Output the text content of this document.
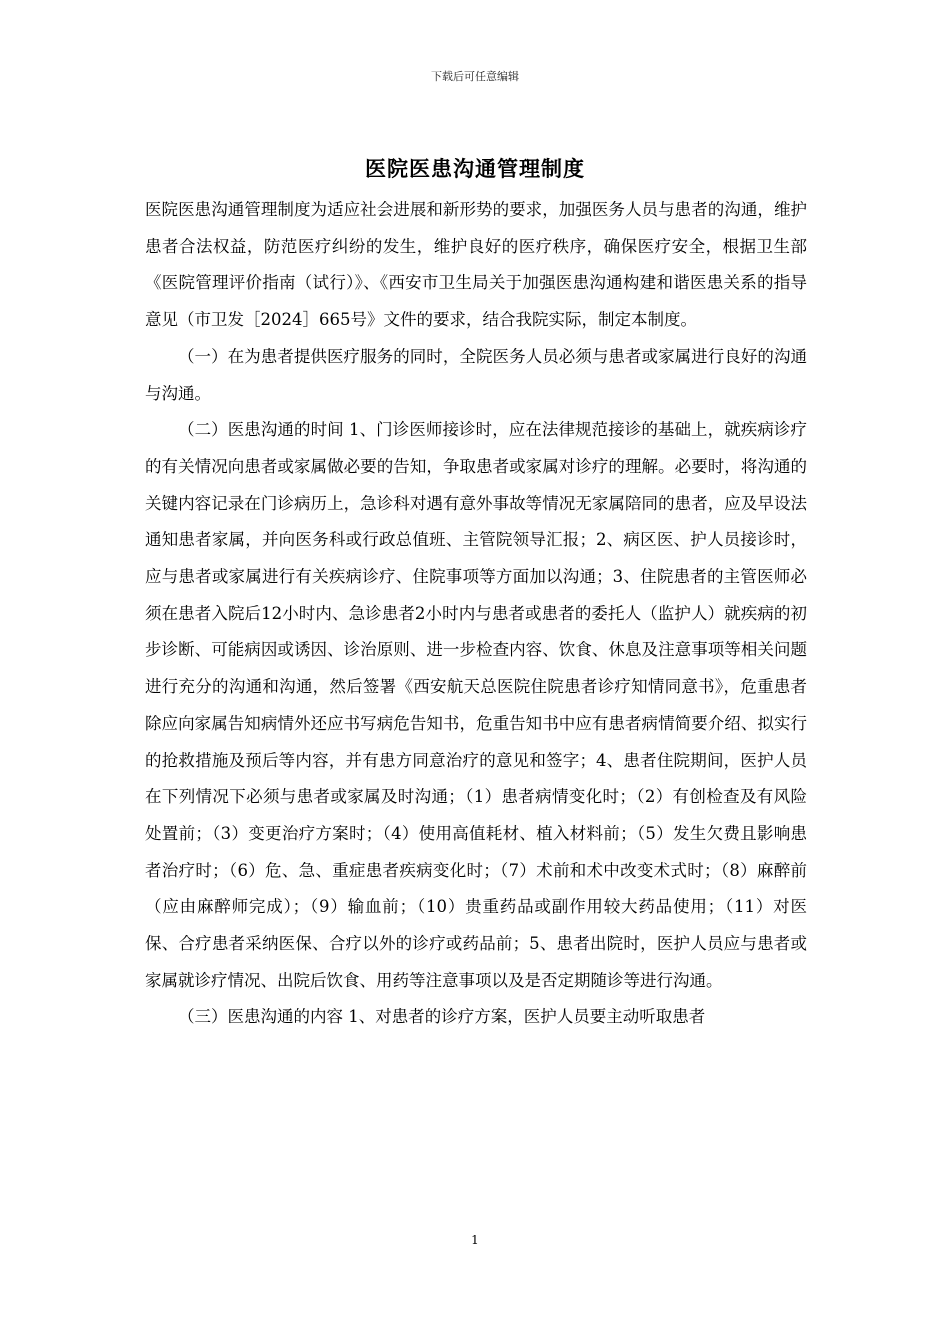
下载后可任意编辑
医院医患沟通管理制度

医院医患沟通管理制度为适应社会进展和新形势的要求，加强医务人员与患者的沟通，维护患者合法权益，防范医疗纠纷的发生，维护良好的医疗秩序，确保医疗安全，根据卫生部《医院管理评价指南（试行）》、《西安市卫生局关于加强医患沟通构建和谐医患关系的指导意见（市卫发［2024］665号》文件的要求，结合我院实际，制定本制度。

（一）在为患者提供医疗服务的同时，全院医务人员必须与患者或家属进行良好的沟通与沟通。

（二）医患沟通的时间 1、门诊医师接诊时，应在法律规范接诊的基础上，就疾病诊疗的有关情况向患者或家属做必要的告知，争取患者或家属对诊疗的理解。必要时，将沟通的关键内容记录在门诊病历上，急诊科对遇有意外事故等情况无家属陪同的患者，应及早设法通知患者家属，并向医务科或行政总值班、主管院领导汇报；2、病区医、护人员接诊时，应与患者或家属进行有关疾病诊疗、住院事项等方面加以沟通；3、住院患者的主管医师必须在患者入院后12小时内、急诊患者2小时内与患者或患者的委托人（监护人）就疾病的初步诊断、可能病因或诱因、诊治原则、进一步检查内容、饮食、休息及注意事项等相关问题进行充分的沟通和沟通，然后签署《西安航天总医院住院患者诊疗知情同意书》，危重患者除应向家属告知病情外还应书写病危告知书，危重告知书中应有患者病情简要介绍、拟实行的抢救措施及预后等内容，并有患方同意治疗的意见和签字；4、患者住院期间，医护人员在下列情况下必须与患者或家属及时沟通；（1）患者病情变化时；（2）有创检查及有风险处置前；（3）变更治疗方案时；（4）使用高值耗材、植入材料前；（5）发生欠费且影响患者治疗时；（6）危、急、重症患者疾病变化时；（7）术前和术中改变术式时；（8）麻醉前（应由麻醉师完成）；（9）输血前；（10）贵重药品或副作用较大药品使用；（11）对医保、合疗患者采纳医保、合疗以外的诊疗或药品前；5、患者出院时，医护人员应与患者或家属就诊疗情况、出院后饮食、用药等注意事项以及是否定期随诊等进行沟通。

（三）医患沟通的内容 1、对患者的诊疗方案，医护人员要主动听取患者

1
